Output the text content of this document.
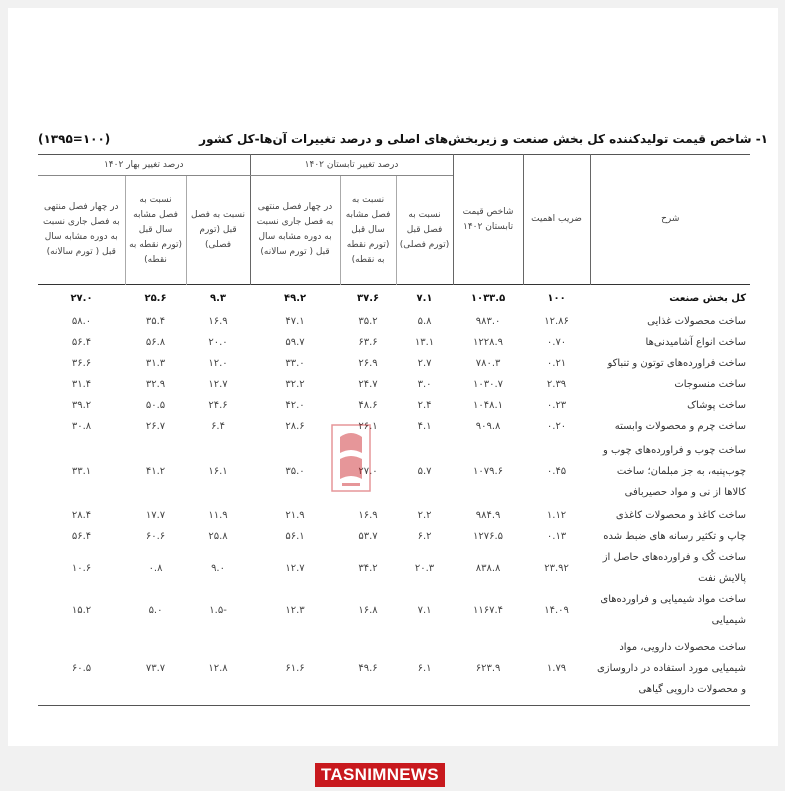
۱- شاخص قیمت تولیدکننده کل بخش صنعت و زیربخش‌های اصلی و درصد تغییرات آن‌ها-کل کشور
(۱۳۹۵=۱۰۰)
شرح	ضریب اهمیت	شاخص قیمت تابستان ۱۴۰۲	درصد تغییر تابستان ۱۴۰۲			درصد تغییر بهار ۱۴۰۲		
			نسبت به فصل قبل (تورم فصلی)	نسبت به فصل مشابه سال قبل (تورم نقطه به نقطه)	در چهار فصل منتهی به فصل جاری نسبت به دوره مشابه سال قبل ( تورم سالانه)	نسبت به فصل قبل (تورم فصلی)	نسبت به فصل مشابه سال قبل (تورم نقطه به نقطه)	در چهار فصل منتهی به فصل جاری نسبت به دوره مشابه سال قبل ( تورم سالانه)
کل بخش صنعت	۱۰۰	۱۰۳۳.۵	۷.۱	۳۷.۶	۴۹.۲	۹.۳	۲۵.۶	۲۷.۰
ساخت محصولات غذایی	۱۲.۸۶	۹۸۳.۰	۵.۸	۳۵.۲	۴۷.۱	۱۶.۹	۳۵.۴	۵۸.۰
ساخت انواع آشامیدنی‌ها	۰.۷۰	۱۲۲۸.۹	۱۳.۱	۶۳.۶	۵۹.۷	۲۰.۰	۵۶.۸	۵۶.۴
ساخت فراورده‌های توتون و تنباکو	۰.۲۱	۷۸۰.۳	۲.۷	۲۶.۹	۳۳.۰	۱۲.۰	۳۱.۳	۳۶.۶
ساخت منسوجات	۲.۳۹	۱۰۳۰.۷	۳.۰	۲۴.۷	۳۲.۲	۱۲.۷	۳۲.۹	۳۱.۴
ساخت پوشاک	۰.۲۳	۱۰۴۸.۱	۲.۴	۴۸.۶	۴۲.۰	۲۴.۶	۵۰.۵	۳۹.۲
ساخت چرم و محصولات وابسته	۰.۲۰	۹۰۹.۸	۴.۱	۲۶.۱	۲۸.۶	۶.۴	۲۶.۷	۳۰.۸
ساخت چوب و فراورده‌های چوب و چوب‌پنبه، به جز مبلمان؛ ساخت کالاها از نی و مواد حصیربافی	۰.۴۵	۱۰۷۹.۶	۵.۷	۲۷.۰	۳۵.۰	۱۶.۱	۴۱.۲	۳۳.۱
ساخت کاغذ و محصولات کاغذی	۱.۱۲	۹۸۴.۹	۲.۲	۱۶.۹	۲۱.۹	۱۱.۹	۱۷.۷	۲۸.۴
چاپ و تکثیر رسانه های ضبط شده	۰.۱۳	۱۲۷۶.۵	۶.۲	۵۳.۷	۵۶.۱	۲۵.۸	۶۰.۶	۵۶.۴
ساخت کُک و فراورده‌های حاصل از پالایش نفت	۲۳.۹۲	۸۳۸.۸	۲۰.۳	۳۴.۲	۱۲.۷	۹.۰	۰.۸	۱۰.۶
ساخت مواد شیمیایی و فراورده‌های شیمیایی	۱۴.۰۹	۱۱۶۷.۴	۷.۱	۱۶.۸	۱۲.۳	-۱.۵	۵.۰	۱۵.۲
ساخت محصولات دارویی، مواد شیمیایی مورد استفاده در داروسازی و محصولات دارویی گیاهی	۱.۷۹	۶۲۳.۹	۶.۱	۴۹.۶	۶۱.۶	۱۲.۸	۷۳.۷	۶۰.۵
TASNIMNEWS
